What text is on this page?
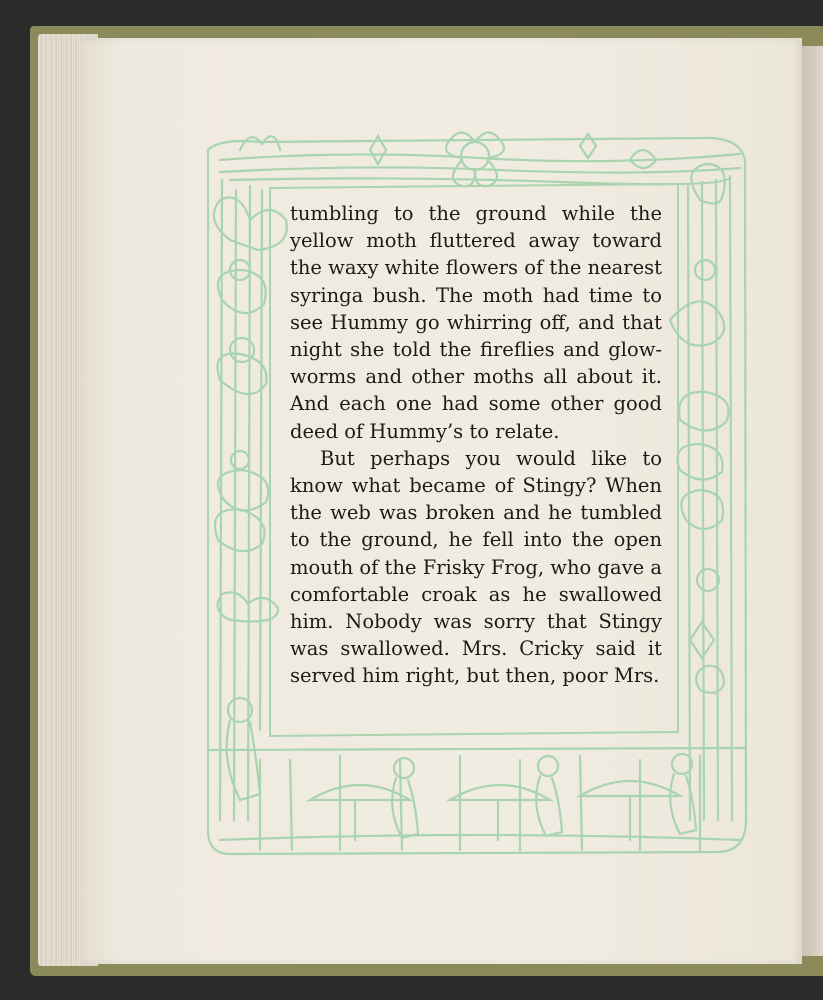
tumbling to the ground while the yellow moth fluttered away toward the waxy white flowers of the nearest syringa bush. The moth had time to see Hummy go whirring off, and that night she told the fireflies and glow-worms and other moths all about it. And each one had some other good deed of Hummy’s to relate.

But perhaps you would like to know what became of Stingy? When the web was broken and he tumbled to the ground, he fell into the open mouth of the Frisky Frog, who gave a comfortable croak as he swallowed him. Nobody was sorry that Stingy was swallowed. Mrs. Cricky said it served him right, but then, poor Mrs.
